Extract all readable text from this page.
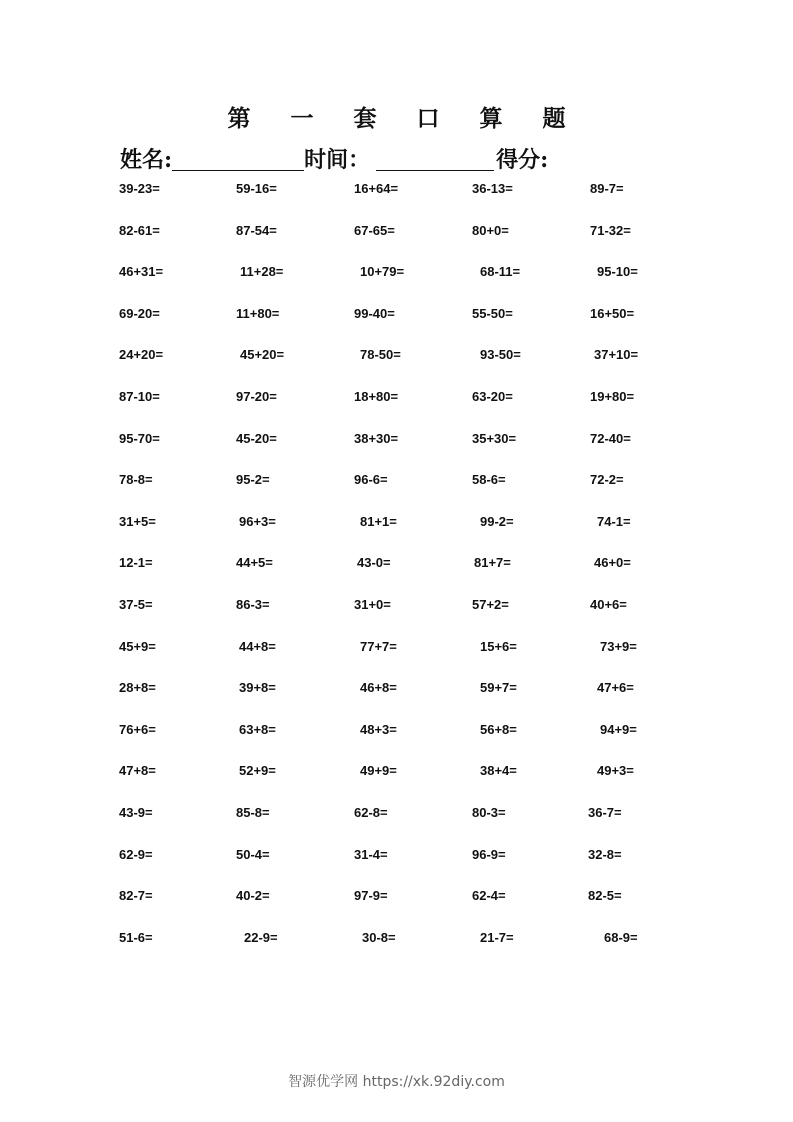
第 一 套 口 算 题
姓名:	时间：	得分:
39-23=	59-16=	16+64=	36-13=	89-7=
82-61=	87-54=	67-65=	80+0=	71-32=
46+31=	11+28=	10+79=	68-11=	95-10=
69-20=	11+80=	99-40=	55-50=	16+50=
24+20=	45+20=	78-50=	93-50=	37+10=
87-10=	97-20=	18+80=	63-20=	19+80=
95-70=	45-20=	38+30=	35+30=	72-40=
78-8=	95-2=	96-6=	58-6=	72-2=
31+5=	96+3=	81+1=	99-2=	74-1=
12-1=	44+5=	43-0=	81+7=	46+0=
37-5=	86-3=	31+0=	57+2=	40+6=
45+9=	44+8=	77+7=	15+6=	73+9=
28+8=	39+8=	46+8=	59+7=	47+6=
76+6=	63+8=	48+3=	56+8=	94+9=
47+8=	52+9=	49+9=	38+4=	49+3=
43-9=	85-8=	62-8=	80-3=	36-7=
62-9=	50-4=	31-4=	96-9=	32-8=
82-7=	40-2=	97-9=	62-4=	82-5=
51-6=	22-9=	30-8=	21-7=	68-9=
智源优学网 https://xk.92diy.com
